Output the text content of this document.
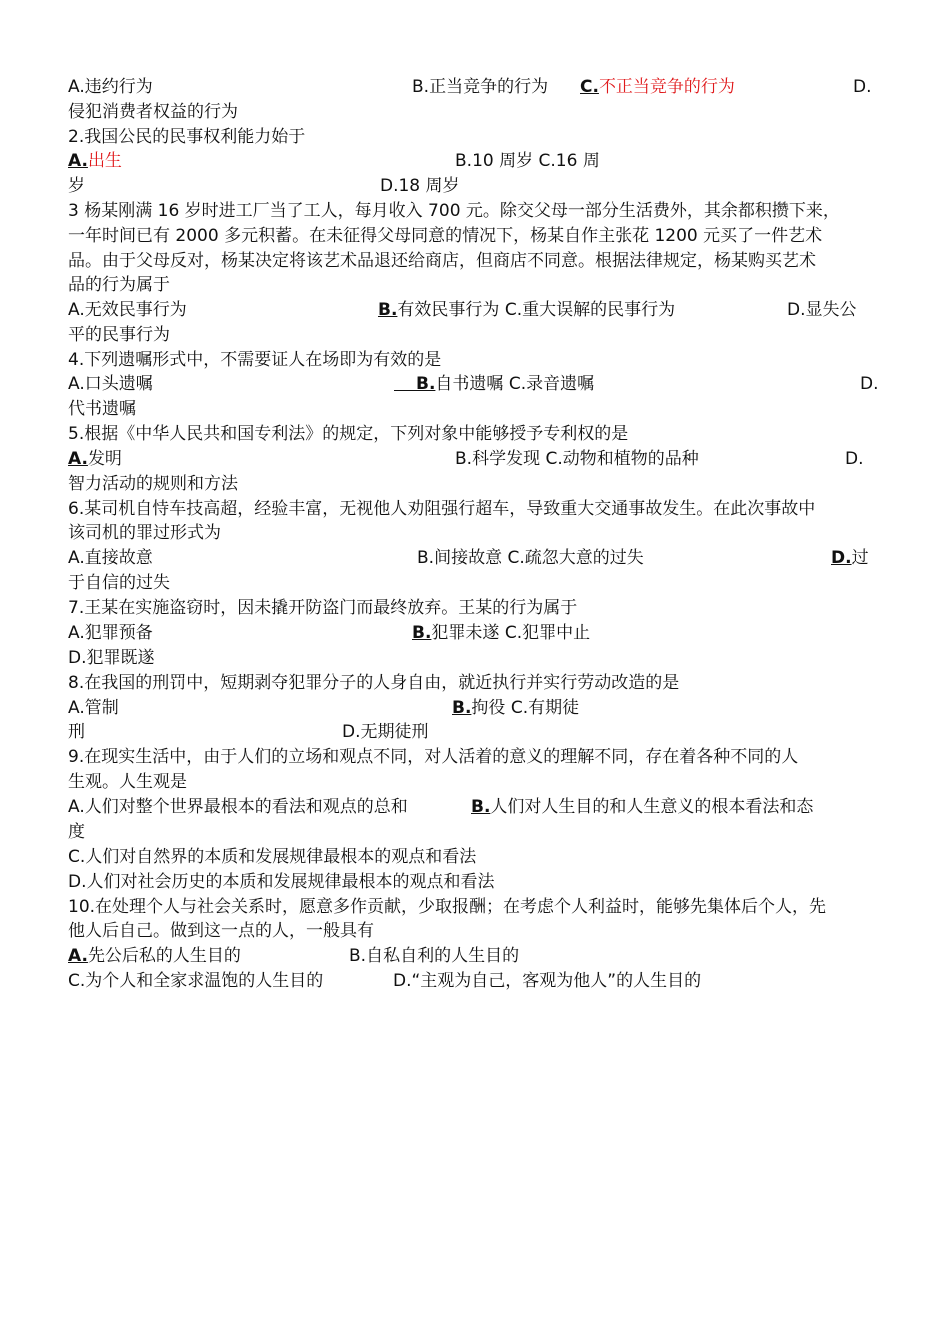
A.违约行为	B.正当竞争的行为 C.不正当竞争的行为	D.
侵犯消费者权益的行为
2.我国公民的民事权利能力始于
A.出生	B.10 周岁 C.16 周
岁	D.18 周岁
3 杨某刚满 16 岁时进工厂当了工人，每月收入 700 元。除交父母一部分生活费外，其余都积攒下来，
一年时间已有 2000 多元积蓄。在未征得父母同意的情况下，杨某自作主张花 1200 元买了一件艺术
品。由于父母反对，杨某决定将该艺术品退还给商店，但商店不同意。根据法律规定，杨某购买艺术
品的行为属于
A.无效民事行为	B.有效民事行为 C.重大误解的民事行为	D.显失公
平的民事行为
4.下列遗嘱形式中，不需要证人在场即为有效的是
A.口头遗嘱	B.自书遗嘱 C.录音遗嘱	D.
代书遗嘱
5.根据《中华人民共和国专利法》的规定，下列对象中能够授予专利权的是
A.发明	B.科学发现 C.动物和植物的品种	D.
智力活动的规则和方法
6.某司机自恃车技高超，经验丰富，无视他人劝阻强行超车，导致重大交通事故发生。在此次事故中
该司机的罪过形式为
A.直接故意	B.间接故意 C.疏忽大意的过失	D.过
于自信的过失
7.王某在实施盗窃时，因未撬开防盗门而最终放弃。王某的行为属于
A.犯罪预备	B.犯罪未遂 C.犯罪中止
D.犯罪既遂
8.在我国的刑罚中，短期剥夺犯罪分子的人身自由，就近执行并实行劳动改造的是
A.管制	B.拘役 C.有期徒
刑	D.无期徒刑
9.在现实生活中，由于人们的立场和观点不同，对人活着的意义的理解不同，存在着各种不同的人
生观。人生观是
A.人们对整个世界最根本的看法和观点的总和	B.人们对人生目的和人生意义的根本看法和态
度
C.人们对自然界的本质和发展规律最根本的观点和看法
D.人们对社会历史的本质和发展规律最根本的观点和看法
10.在处理个人与社会关系时，愿意多作贡献，少取报酬；在考虑个人利益时，能够先集体后个人，先
他人后自己。做到这一点的人，一般具有
A.先公后私的人生目的	B.自私自利的人生目的
C.为个人和全家求温饱的人生目的	D.“主观为自己，客观为他人”的人生目的
